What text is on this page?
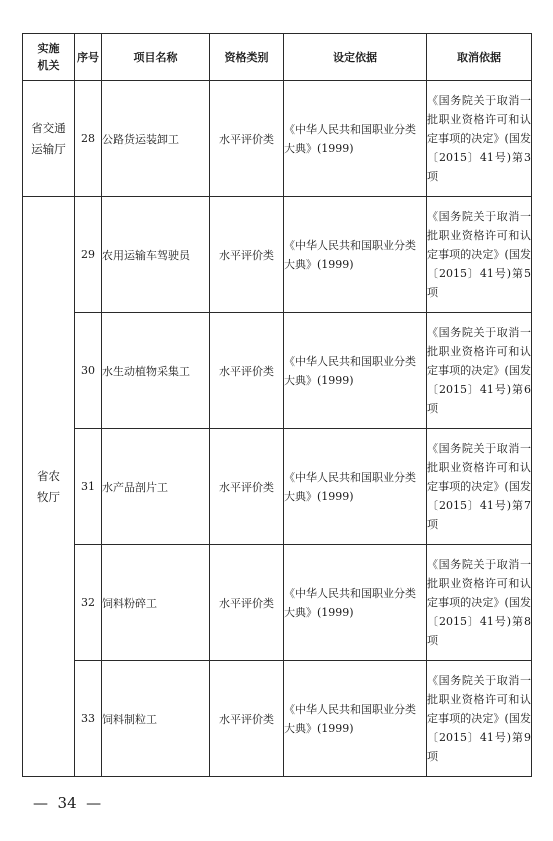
实施
机关	序号	项目名称	资格类别	设定依据	取消依据
省交通
运输厅	28	公路货运装卸工	水平评价类	《中华人民共和国职业分类大典》(1999)	《国务院关于取消一批职业资格许可和认定事项的决定》(国发〔2015〕41号)第3项
省农
牧厅	29	农用运输车驾驶员	水平评价类	《中华人民共和国职业分类大典》(1999)	《国务院关于取消一批职业资格许可和认定事项的决定》(国发〔2015〕41号)第5项
	30	水生动植物采集工	水平评价类	《中华人民共和国职业分类大典》(1999)	《国务院关于取消一批职业资格许可和认定事项的决定》(国发〔2015〕41号)第6项
	31	水产品剖片工	水平评价类	《中华人民共和国职业分类大典》(1999)	《国务院关于取消一批职业资格许可和认定事项的决定》(国发〔2015〕41号)第7项
	32	饲料粉碎工	水平评价类	《中华人民共和国职业分类大典》(1999)	《国务院关于取消一批职业资格许可和认定事项的决定》(国发〔2015〕41号)第8项
	33	饲料制粒工	水平评价类	《中华人民共和国职业分类大典》(1999)	《国务院关于取消一批职业资格许可和认定事项的决定》(国发〔2015〕41号)第9项
—  34  —
